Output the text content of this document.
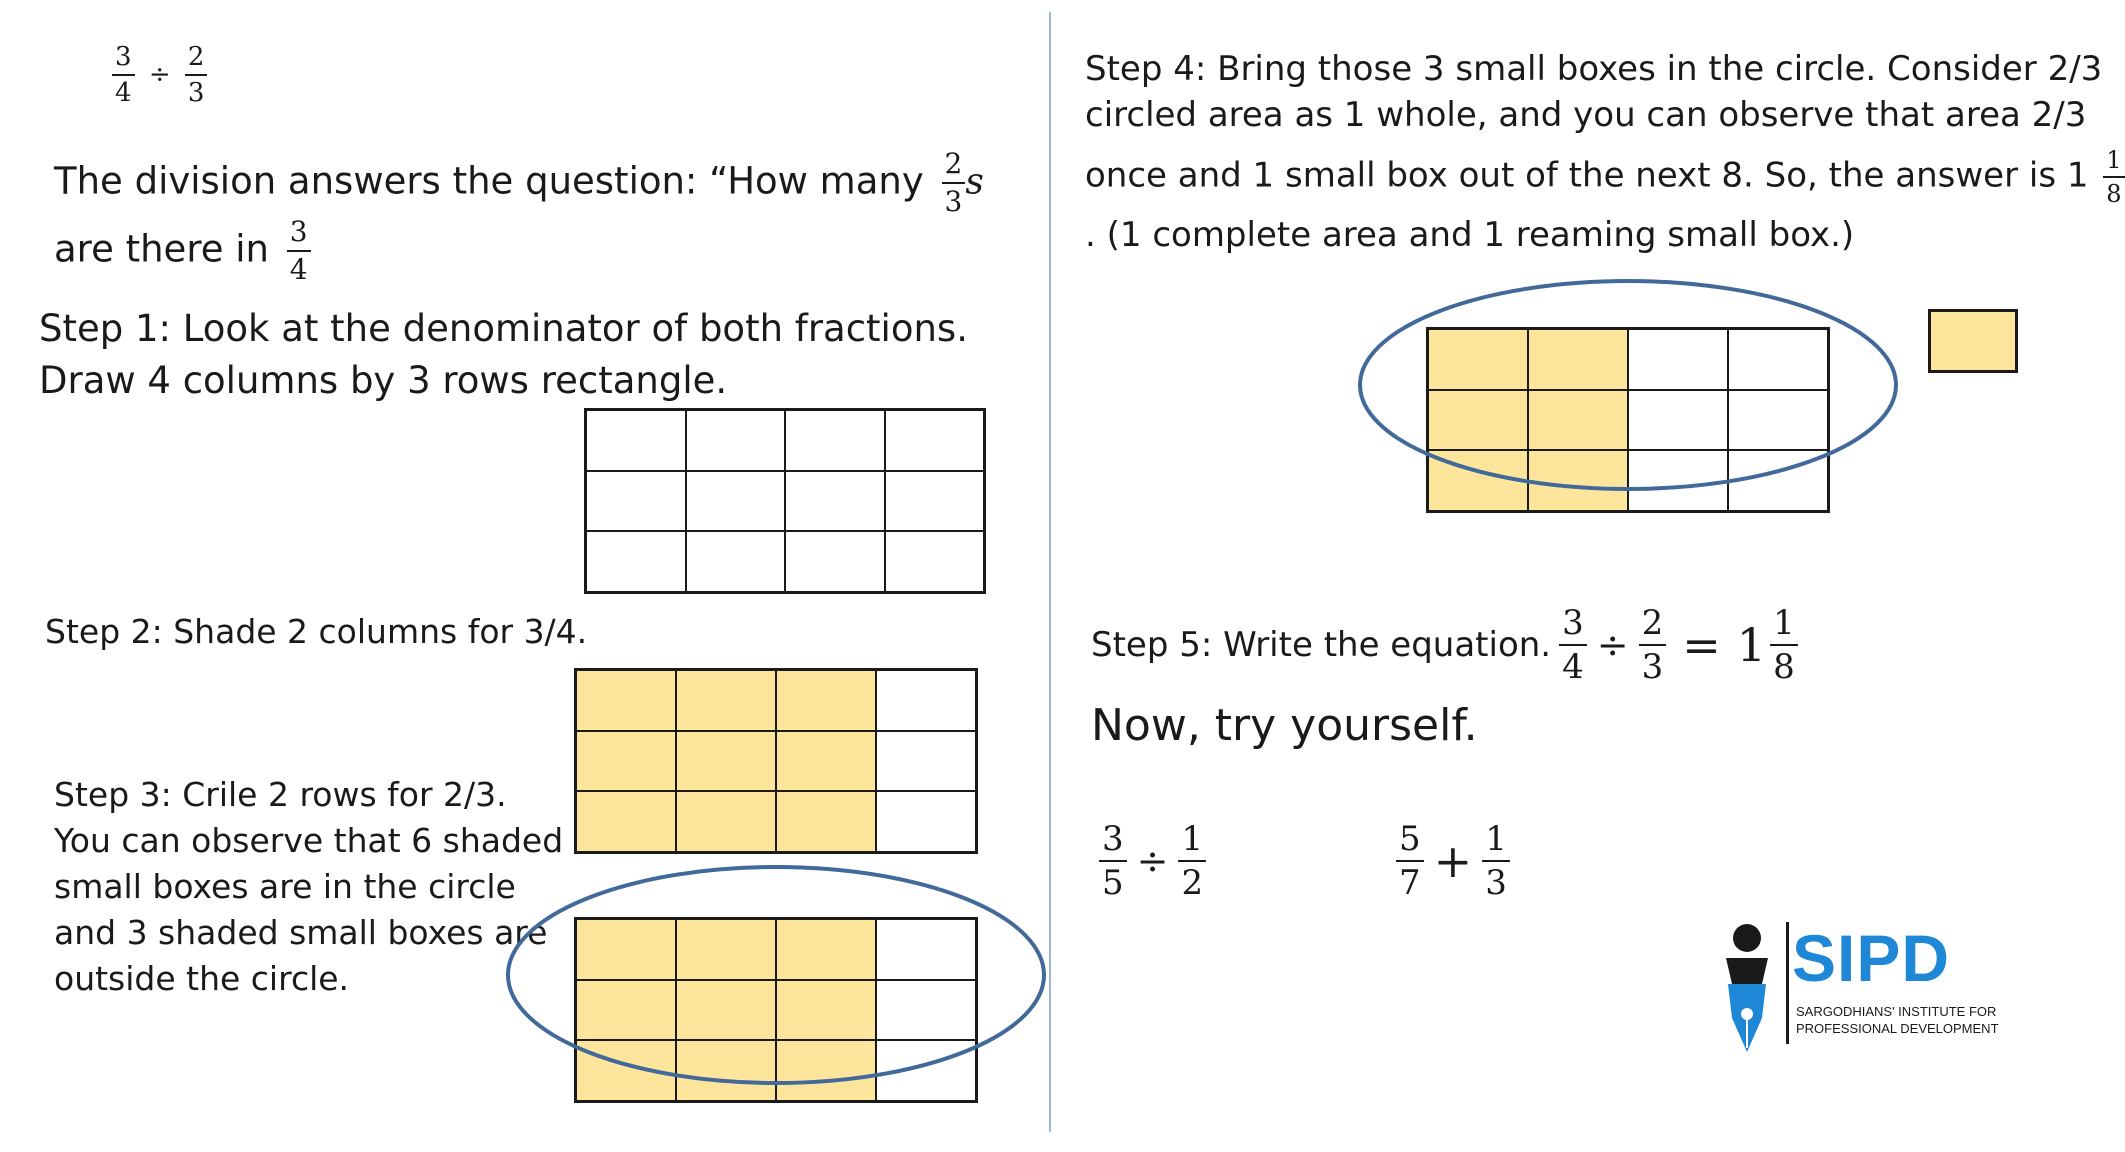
$\frac{3}{4} \div \frac{2}{3}$
The division answers the question: “How many $\frac{2}{3}$ s
are there in $\frac{3}{4}$
Step 1: Look at the denominator of both fractions.
Draw 4 columns by 3 rows rectangle.
Step 2: Shade 2 columns for 3/4.
Step 3: Crile 2 rows for 2/3.
You can observe that 6 shaded
small boxes are in the circle
and 3 shaded small boxes are
outside the circle.
Step 4: Bring those 3 small boxes in the circle. Consider 2/3
circled area as 1 whole, and you can observe that area 2/3
once and 1 small box out of the next 8. So, the answer is $1 \frac{1}{8}$
. (1 complete area and 1 reaming small box.)
Step 5: Write the equation. $\frac{3}{4} \div \frac{2}{3} = 1 \frac{1}{8}$
Now, try yourself.
$\frac{3}{5} \div \frac{1}{2}$	$\frac{5}{7} + \frac{1}{3}$
SIPD
SARGODHIANS' INSTITUTE FOR
PROFESSIONAL DEVELOPMENT
